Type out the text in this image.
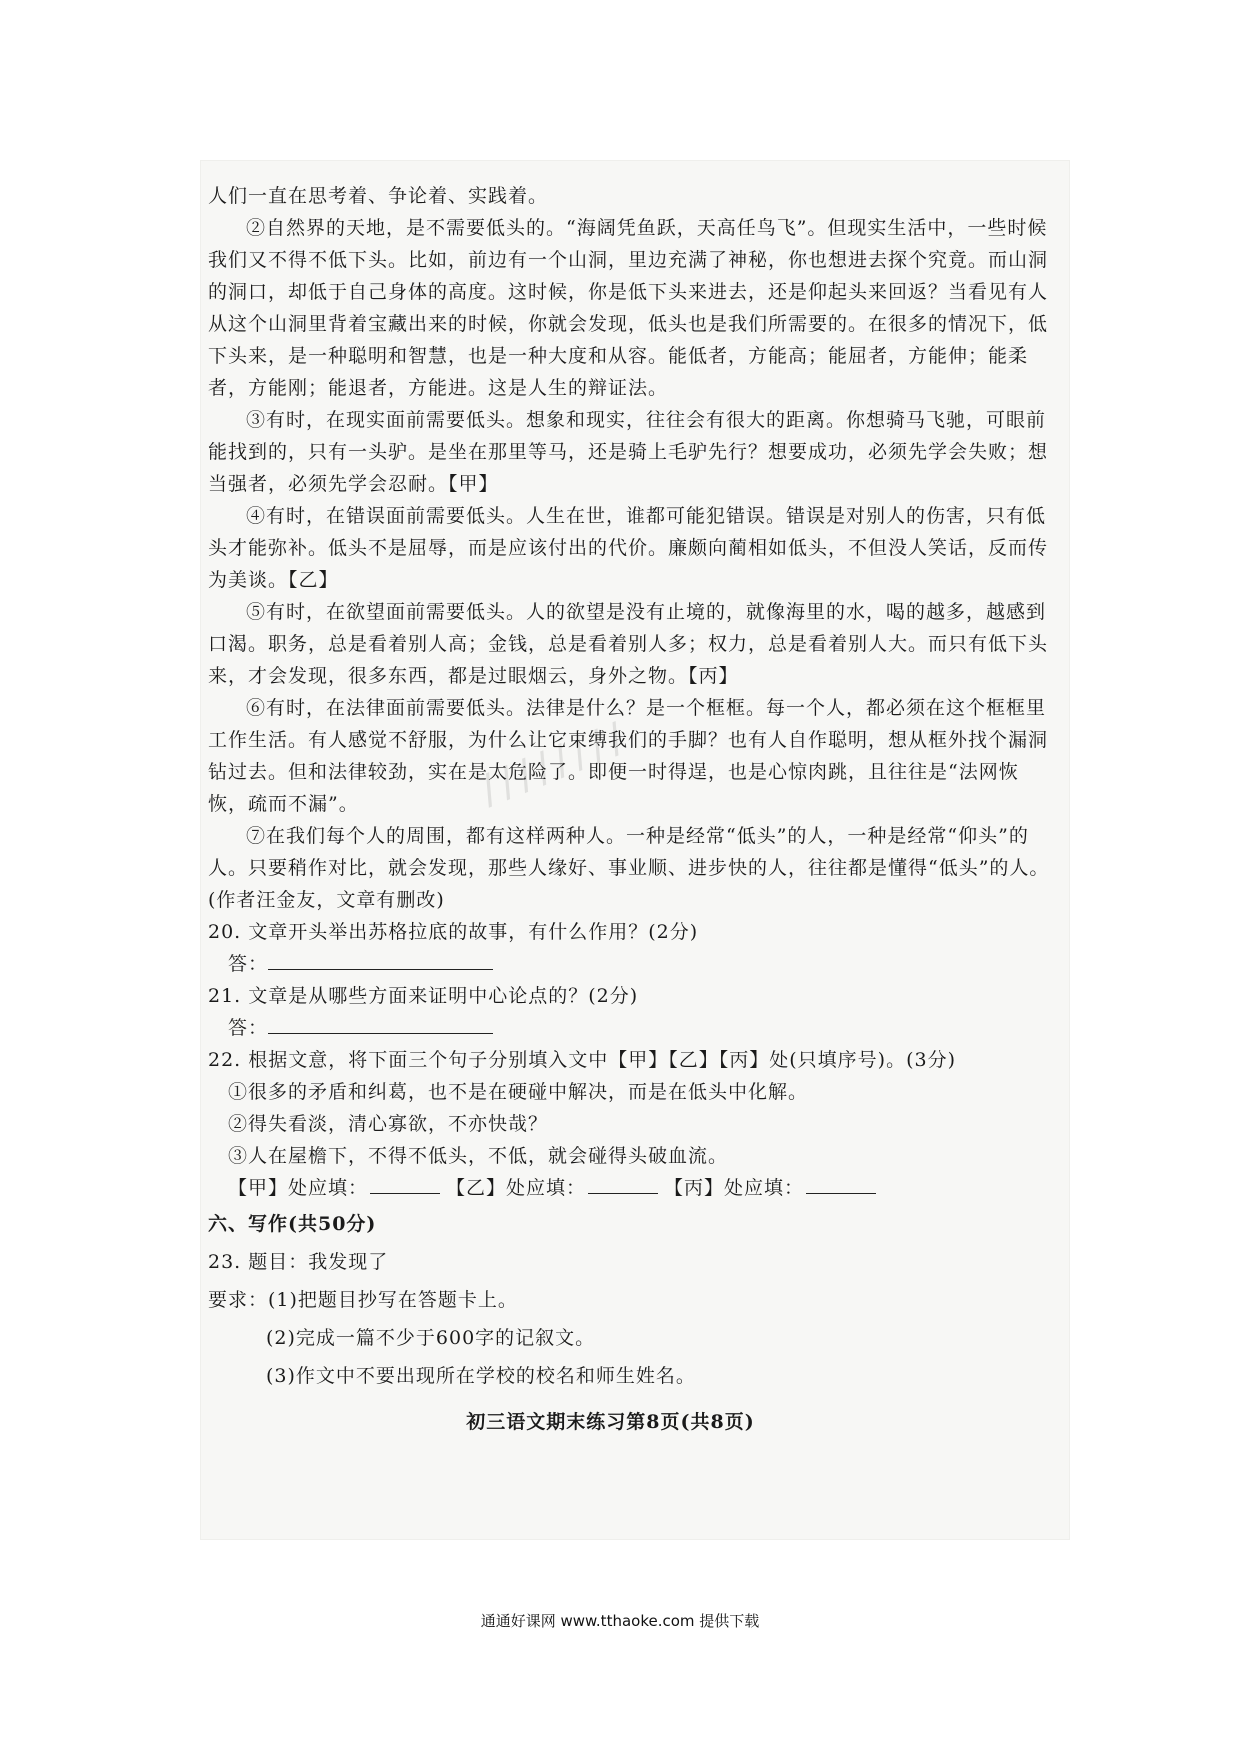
人们一直在思考着、争论着、实践着。

②自然界的天地，是不需要低头的。“海阔凭鱼跃，天高任鸟飞”。但现实生活中，一些时候我们又不得不低下头。比如，前边有一个山洞，里边充满了神秘，你也想进去探个究竟。而山洞的洞口，却低于自己身体的高度。这时候，你是低下头来进去，还是仰起头来回返？当看见有人从这个山洞里背着宝藏出来的时候，你就会发现，低头也是我们所需要的。在很多的情况下，低下头来，是一种聪明和智慧，也是一种大度和从容。能低者，方能高；能屈者，方能伸；能柔者，方能刚；能退者，方能进。这是人生的辩证法。

③有时，在现实面前需要低头。想象和现实，往往会有很大的距离。你想骑马飞驰，可眼前能找到的，只有一头驴。是坐在那里等马，还是骑上毛驴先行？想要成功，必须先学会失败；想当强者，必须先学会忍耐。【甲】

④有时，在错误面前需要低头。人生在世，谁都可能犯错误。错误是对别人的伤害，只有低头才能弥补。低头不是屈辱，而是应该付出的代价。廉颇向蔺相如低头，不但没人笑话，反而传为美谈。【乙】

⑤有时，在欲望面前需要低头。人的欲望是没有止境的，就像海里的水，喝的越多，越感到口渴。职务，总是看着别人高；金钱，总是看着别人多；权力，总是看着别人大。而只有低下头来，才会发现，很多东西，都是过眼烟云，身外之物。【丙】

⑥有时，在法律面前需要低头。法律是什么？是一个框框。每一个人，都必须在这个框框里工作生活。有人感觉不舒服，为什么让它束缚我们的手脚？也有人自作聪明，想从框外找个漏洞钻过去。但和法律较劲，实在是太危险了。即便一时得逞，也是心惊肉跳，且往往是“法网恢恢，疏而不漏”。

⑦在我们每个人的周围，都有这样两种人。一种是经常“低头”的人，一种是经常“仰头”的人。只要稍作对比，就会发现，那些人缘好、事业顺、进步快的人，往往都是懂得“低头”的人。(作者汪金友，文章有删改)

20. 文章开头举出苏格拉底的故事，有什么作用？(2分)

答：

21. 文章是从哪些方面来证明中心论点的？(2分)

答：

22. 根据文意，将下面三个句子分别填入文中【甲】【乙】【丙】处(只填序号)。(3分)

①很多的矛盾和纠葛，也不是在硬碰中解决，而是在低头中化解。

②得失看淡，清心寡欲，不亦快哉？

③人在屋檐下，不得不低头，不低，就会碰得头破血流。

【甲】处应填：	【乙】处应填：	【丙】处应填：

六、写作(共50分)

23. 题目：我发现了

要求：(1)把题目抄写在答题卡上。

(2)完成一篇不少于600字的记叙文。

(3)作文中不要出现所在学校的校名和师生姓名。

初三语文期末练习第8页(共8页)

通通好课网 www.tthaoke.com 提供下载
